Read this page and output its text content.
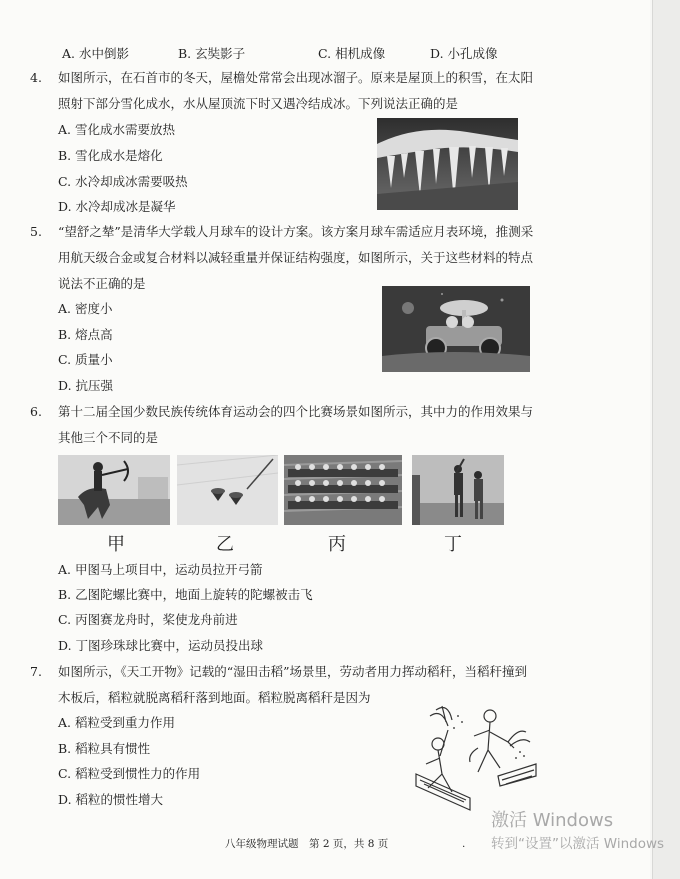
A. 水中倒影	B. 玄奘影子	C. 相机成像	D. 小孔成像
4. 如图所示，在石首市的冬天，屋檐处常常会出现冰溜子。原来是屋顶上的积雪，在太阳
照射下部分雪化成水，水从屋顶流下时又遇冷结成冰。下列说法正确的是
A. 雪化成水需要放热
B. 雪化成水是熔化
C. 水冷却成冰需要吸热
D. 水冷却成冰是凝华
5. “望舒之辇”是清华大学载人月球车的设计方案。该方案月球车需适应月表环境，推测采
用航天级合金或复合材料以减轻重量并保证结构强度，如图所示，关于这些材料的特点
说法不正确的是
A. 密度小
B. 熔点高
C. 质量小
D. 抗压强
6. 第十二届全国少数民族传统体育运动会的四个比赛场景如图所示，其中力的作用效果与
其他三个不同的是
甲	乙	丙	丁
A. 甲图马上项目中，运动员拉开弓箭
B. 乙图陀螺比赛中，地面上旋转的陀螺被击飞
C. 丙图赛龙舟时，桨使龙舟前进
D. 丁图珍珠球比赛中，运动员投出球
7. 如图所示，《天工开物》记载的“湿田击稻”场景里，劳动者用力挥动稻秆，当稻秆撞到
木板后，稻粒就脱离稻秆落到地面。稻粒脱离稻秆是因为
A. 稻粒受到重力作用
B. 稻粒具有惯性
C. 稻粒受到惯性力的作用
D. 稻粒的惯性增大
八年级物理试题　第 2 页，共 8 页	.
激活 Windows
转到“设置”以激活 Windows
